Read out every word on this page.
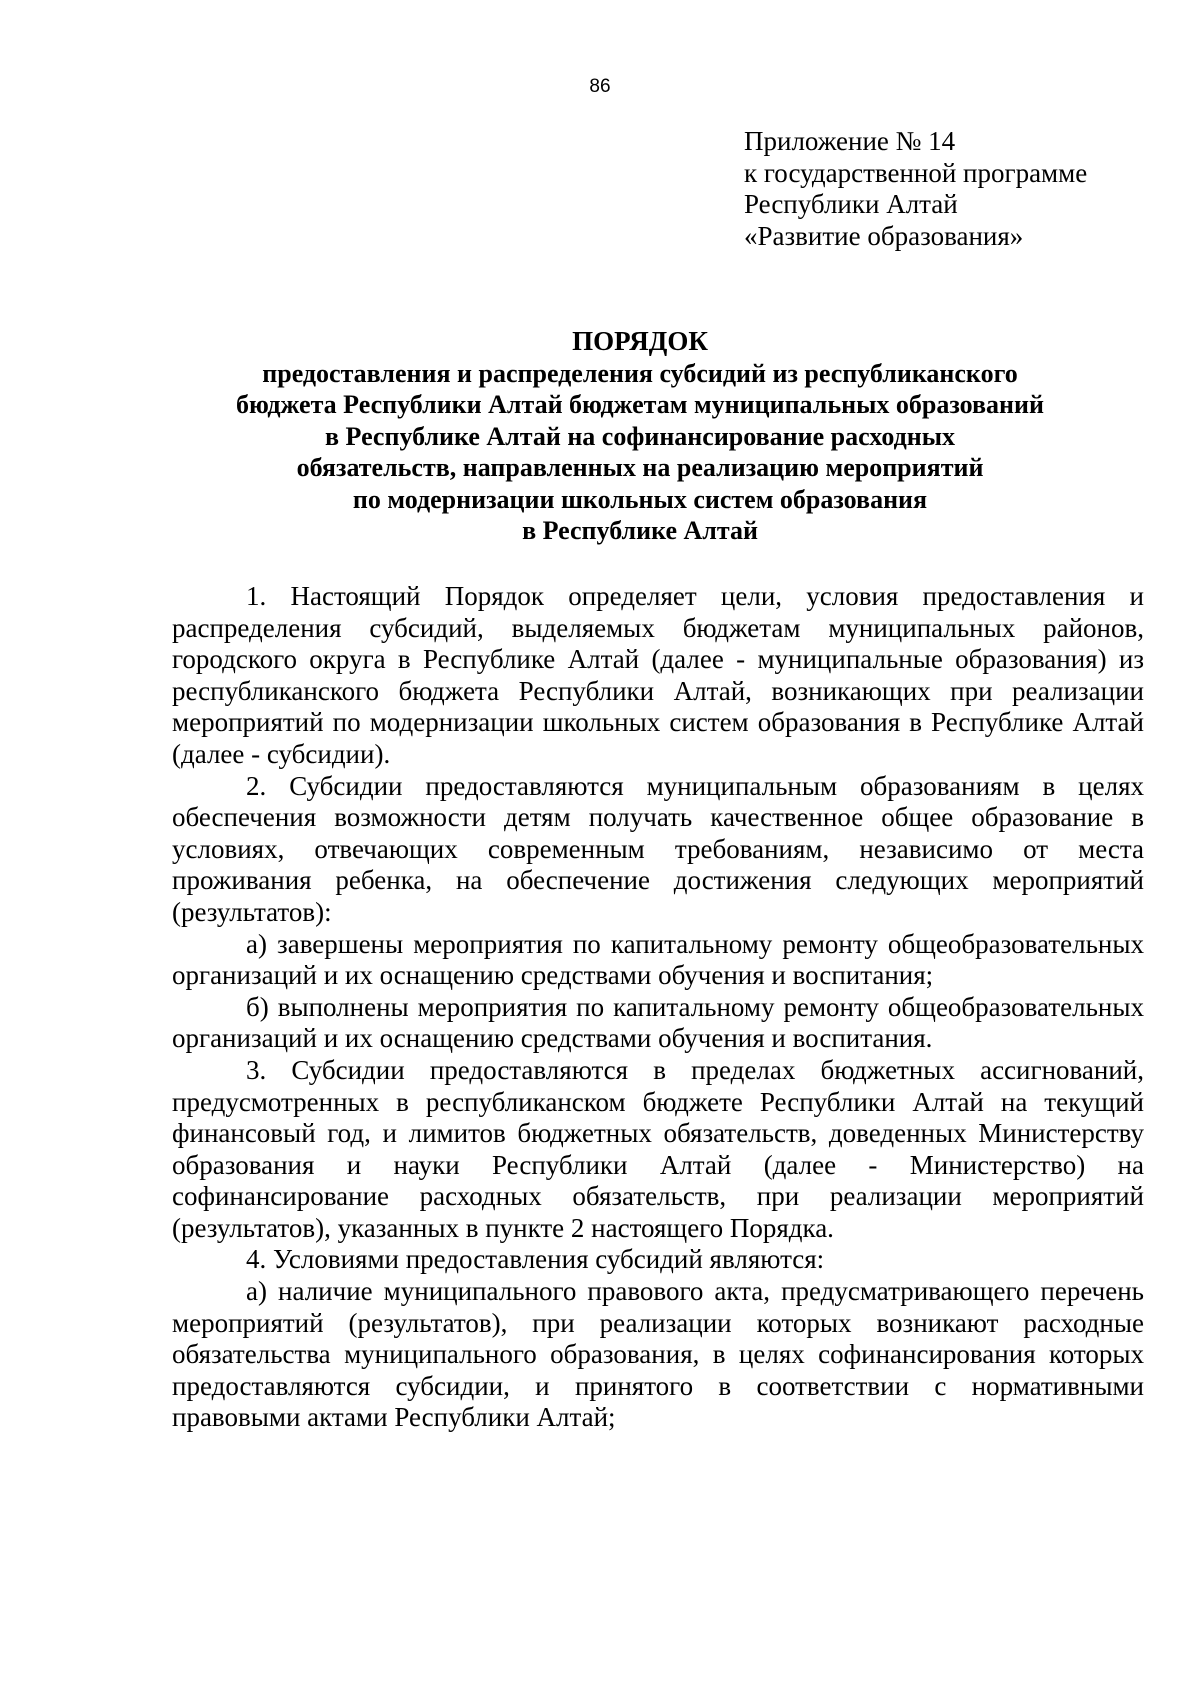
86
Приложение № 14
к государственной программе
Республики Алтай
«Развитие образования»
ПОРЯДОК
предоставления и распределения субсидий из республиканского
бюджета Республики Алтай бюджетам муниципальных образований
в Республике Алтай на софинансирование расходных
обязательств, направленных на реализацию мероприятий
по модернизации школьных систем образования
в Республике Алтай

1. Настоящий Порядок определяет цели, условия предоставления и распределения субсидий, выделяемых бюджетам муниципальных районов, городского округа в Республике Алтай (далее - муниципальные образования) из республиканского бюджета Республики Алтай, возникающих при реализации мероприятий по модернизации школьных систем образования в Республике Алтай (далее - субсидии).

2. Субсидии предоставляются муниципальным образованиям в целях обеспечения возможности детям получать качественное общее образование в условиях, отвечающих современным требованиям, независимо от места проживания ребенка, на обеспечение достижения следующих мероприятий (результатов):

а) завершены мероприятия по капитальному ремонту общеобразовательных организаций и их оснащению средствами обучения и воспитания;

б) выполнены мероприятия по капитальному ремонту общеобразовательных организаций и их оснащению средствами обучения и воспитания.

3. Субсидии предоставляются в пределах бюджетных ассигнований, предусмотренных в республиканском бюджете Республики Алтай на текущий финансовый год, и лимитов бюджетных обязательств, доведенных Министерству образования и науки Республики Алтай (далее - Министерство) на софинансирование расходных обязательств, при реализации мероприятий (результатов), указанных в пункте 2 настоящего Порядка.

4. Условиями предоставления субсидий являются:

а) наличие муниципального правового акта, предусматривающего перечень мероприятий (результатов), при реализации которых возникают расходные обязательства муниципального образования, в целях софинансирования которых предоставляются субсидии, и принятого в соответствии с нормативными правовыми актами Республики Алтай;
